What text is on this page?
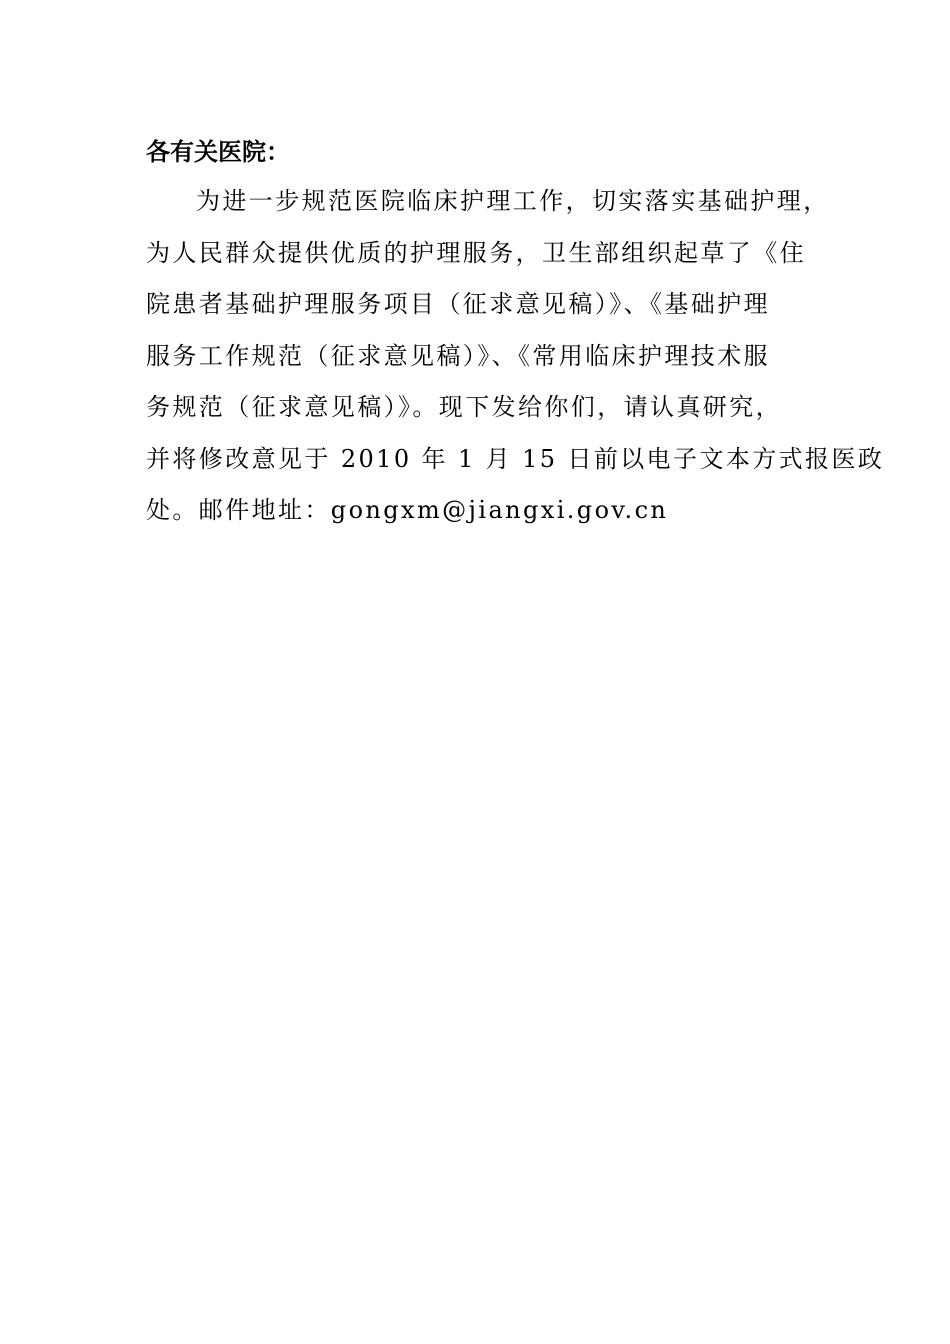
各有关医院：
为进一步规范医院临床护理工作，切实落实基础护理，
为人民群众提供优质的护理服务，卫生部组织起草了《住
院患者基础护理服务项目（征求意见稿）》、《基础护理
服务工作规范（征求意见稿）》、《常用临床护理技术服
务规范（征求意见稿）》。现下发给你们，请认真研究，
并将修改意见于 2010 年 1 月 15 日前以电子文本方式报医政
处。邮件地址：gongxm@jiangxi.gov.cn
